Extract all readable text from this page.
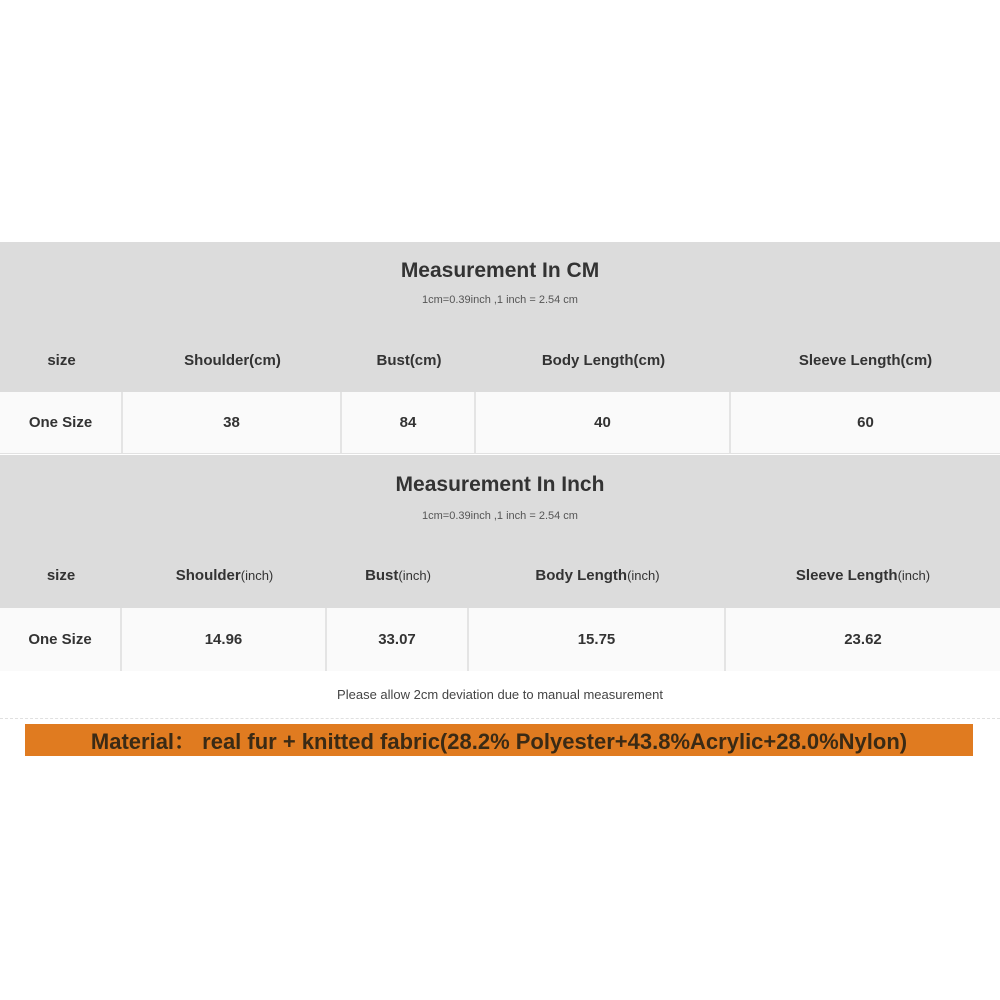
Measurement In CM
1cm=0.39inch ,1 inch = 2.54 cm
size	Shoulder(cm)	Bust(cm)	Body Length(cm)	Sleeve Length(cm)
One Size	38	84	40	60
Measurement In Inch
1cm=0.39inch ,1 inch = 2.54 cm
size	Shoulder (inch)	Bust (inch)	Body Length (inch)	Sleeve Length (inch)
One Size	14.96	33.07	15.75	23.62
Please allow 2cm deviation due to manual measurement
Material： real fur + knitted fabric(28.2% Polyester+43.8%Acrylic+28.0%Nylon)
